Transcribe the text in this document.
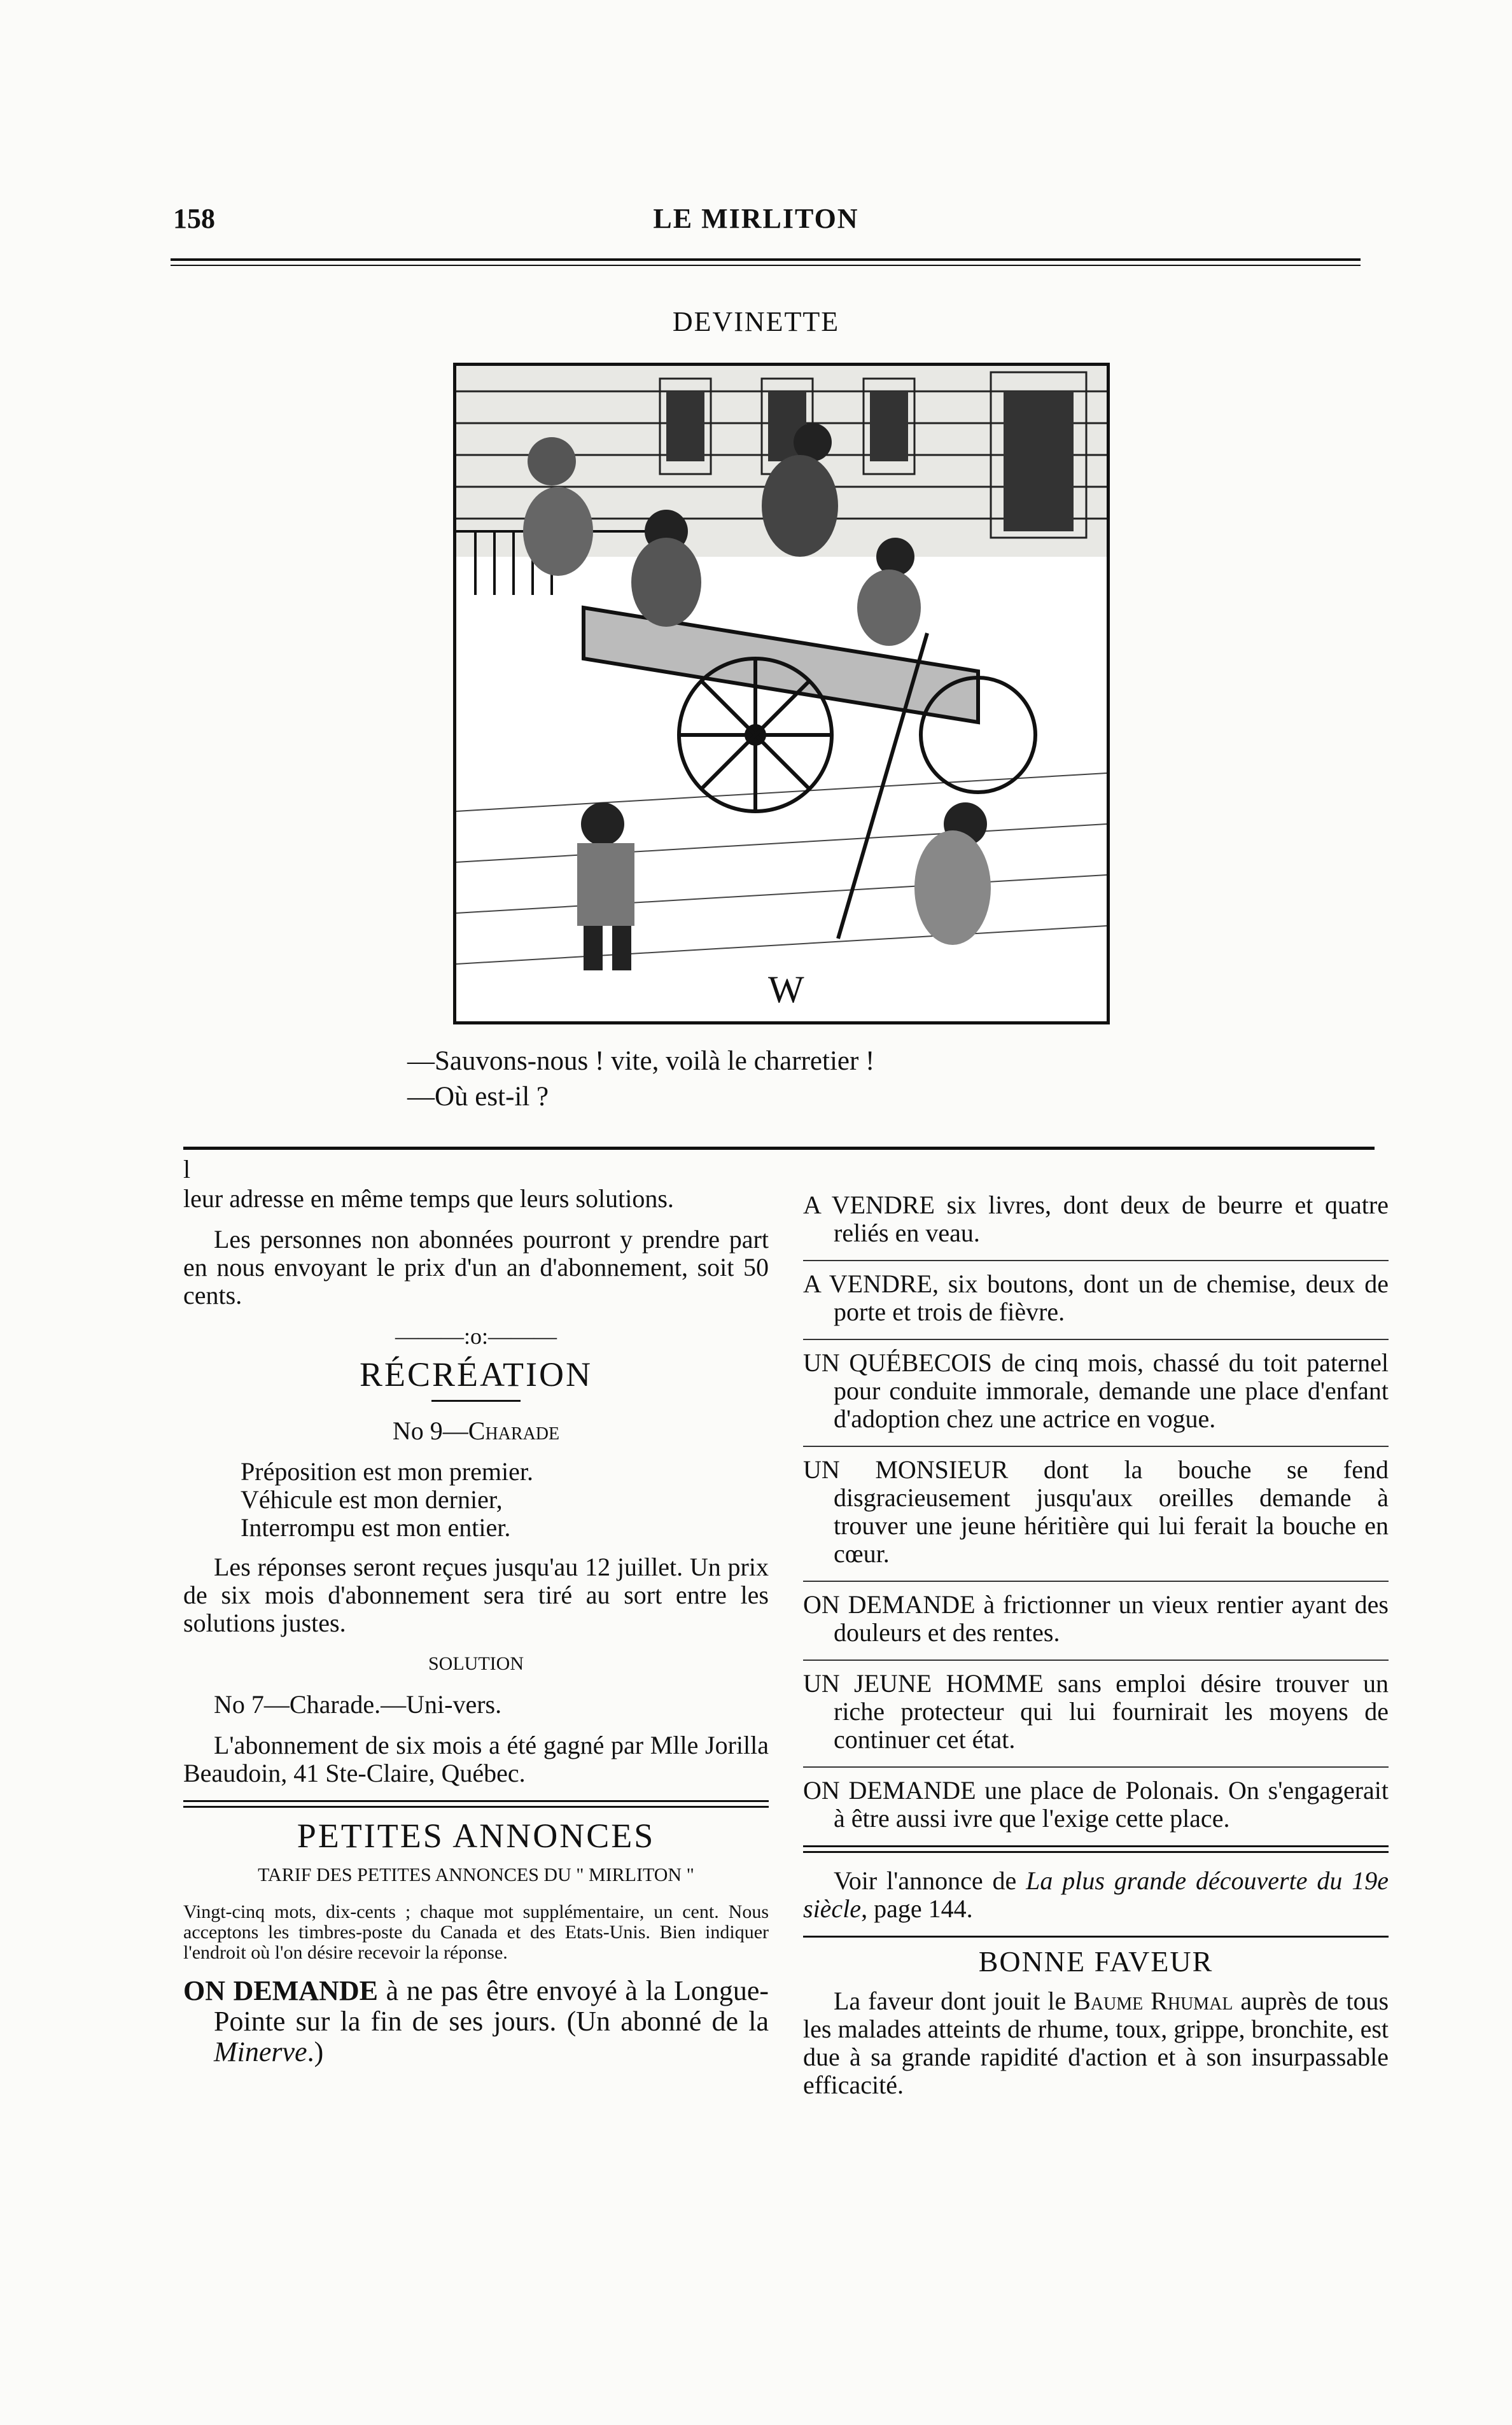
158	LE MIRLITON
DEVINETTE
W
—Sauvons-nous ! vite, voilà le charretier !
—Où est-il ?
l

leur adresse en même temps que leurs solutions.

Les personnes non abonnées pourront y prendre part en nous envoyant le prix d'un an d'abonnement, soit 50 cents.

———:o:———
RÉCRÉATION

No 9—Charade

Préposition est mon premier.
Véhicule est mon dernier,
Interrompu est mon entier.

Les réponses seront reçues jusqu'au 12 juillet. Un prix de six mois d'abonnement sera tiré au sort entre les solutions justes.

SOLUTION

No 7—Charade.—Uni-vers.

L'abonnement de six mois a été gagné par Mlle Jorilla Beaudoin, 41 Ste-Claire, Québec.

PETITES ANNONCES

TARIF DES PETITES ANNONCES DU " MIRLITON "

Vingt-cinq mots, dix-cents ; chaque mot supplémentaire, un cent. Nous acceptons les timbres-poste du Canada et des Etats-Unis. Bien indiquer l'endroit où l'on désire recevoir la réponse.

ON DEMANDE à ne pas être envoyé à la Longue-Pointe sur la fin de ses jours. (Un abonné de la Minerve.)

A VENDRE six livres, dont deux de beurre et quatre reliés en veau.

A VENDRE, six boutons, dont un de chemise, deux de porte et trois de fièvre.

UN QUÉBECOIS de cinq mois, chassé du toit paternel pour conduite immorale, demande une place d'enfant d'adoption chez une actrice en vogue.

UN MONSIEUR dont la bouche se fend disgracieusement jusqu'aux oreilles demande à trouver une jeune héritière qui lui ferait la bouche en cœur.

ON DEMANDE à frictionner un vieux rentier ayant des douleurs et des rentes.

UN JEUNE HOMME sans emploi désire trouver un riche protecteur qui lui fournirait les moyens de continuer cet état.

ON DEMANDE une place de Polonais. On s'engagerait à être aussi ivre que l'exige cette place.

Voir l'annonce de La plus grande découverte du 19e siècle, page 144.

BONNE FAVEUR

La faveur dont jouit le Baume Rhumal auprès de tous les malades atteints de rhume, toux, grippe, bronchite, est due à sa grande rapidité d'action et à son insurpassable efficacité.
